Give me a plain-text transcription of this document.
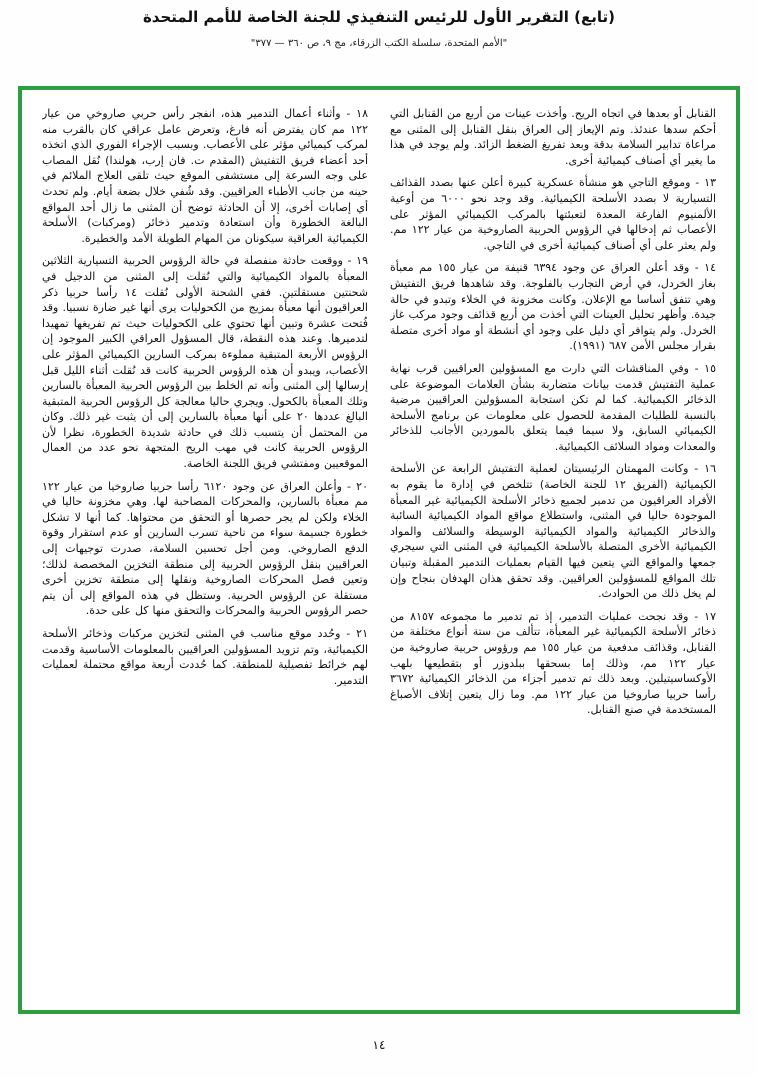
(تابع) التقرير الأول للرئيس التنفيذي للجنة الخاصة للأمم المتحدة
"الأمم المتحدة، سلسلة الكتب الزرقاء، مج ٩، ص ٣٦٠ — ٣٧٧"

القنابل أو بعدها في اتجاه الريح. وأخذت عينات من أربع من القنابل التي أحكم سدها عندئذ. وتم الإيعاز إلى العراق بنقل القنابل إلى المثنى مع مراعاة تدابير السلامة بدقة وبعد تفريغ الضغط الزائد. ولم يوجد في هذا ما يغير أي أصناف كيميائية أخرى.

١٣ - وموقع التاجي هو منشأة عسكرية كبيرة أعلن عنها بصدد القذائف التسيارية لا بصدد الأسلحة الكيميائية. وقد وجد نحو ٦٠٠٠ من أوعية الألمنيوم الفارغة المعدة لتعبئتها بالمركب الكيميائي المؤثر على الأعصاب ثم إدخالها في الرؤوس الحربية الصاروخية من عيار ١٢٢ مم. ولم يعثر على أي أصناف كيميائية أخرى في التاجي.

١٤ - وقد أعلن العراق عن وجود ٦٣٩٤ قنيفة من عيار ١٥٥ مم معبأة بغاز الخردل، في أرض التجارب بالفلوجة. وقد شاهدها فريق التفتيش وهي تتفق أساسا مع الإعلان. وكانت مخزونة في الخلاء وتبدو في حالة جيدة. وأظهر تحليل العينات التي أخذت من أربع قذائف وجود مركب غاز الخردل. ولم يتوافر أي دليل على وجود أي أنشطة أو مواد أخرى متصلة بقرار مجلس الأمن ٦٨٧ (١٩٩١).

١٥ - وفي المناقشات التي دارت مع المسؤولين العراقيين قرب نهاية عملية التفتيش قدمت بيانات متضاربة بشأن العلامات الموضوعة على الذخائر الكيميائية. كما لم تكن استجابة المسؤولين العراقيين مرضية بالنسبة للطلبات المقدمة للحصول على معلومات عن برنامج الأسلحة الكيميائي السابق، ولا سيما فيما يتعلق بالموردين الأجانب للذخائر والمعدات ومواد السلائف الكيميائية.

١٦ - وكانت المهمتان الرئيسيتان لعملية التفتيش الرابعة عن الأسلحة الكيميائية (الفريق ١٢ للجنة الخاصة) تتلخص في إدارة ما يقوم به الأفراد العراقيون من تدمير لجميع ذخائر الأسلحة الكيميائية غير المعبأة الموجودة حاليا في المثنى، واستطلاع مواقع المواد الكيميائية السائبة والذخائر الكيميائية والمواد الكيميائية الوسيطة والسلائف والمواد الكيميائية الأخرى المتصلة بالأسلحة الكيميائية في المثنى التي سيجري جمعها والمواقع التي يتعين فيها القيام بعمليات التدمير المقبلة وتبيان تلك المواقع للمسؤولين العراقيين. وقد تحقق هذان الهدفان بنجاح وإن لم يخل ذلك من الحوادث.

١٧ - وقد نجحت عمليات التدمير، إذ تم تدمير ما مجموعه ٨١٥٧ من ذخائر الأسلحة الكيميائية غير المعبأة، تتألف من ستة أنواع مختلفة من القنابل، وقذائف مدفعية من عيار ١٥٥ مم ورؤوس حربية صاروخية من عيار ١٢٢ مم، وذلك إما بسحقها ببلدوزر أو بتقطيعها بلهب الأوكساسيتيلين. وبعد ذلك تم تدمير أجزاء من الذخائر الكيميائية ٣٦٧٢ رأسا حربيا صاروخيا من عيار ١٢٢ مم. وما زال يتعين إتلاف الأصباغ المستخدمة في صنع القنابل.

١٨ - وأثناء أعمال التدمير هذه، انفجر رأس حربي صاروخي من عيار ١٢٢ مم كان يفترض أنه فارغ، وتعرض عامل عراقي كان بالقرب منه لمركب كيميائي مؤثر على الأعصاب. وبسبب الإجراء الفوري الذي اتخذه أحد أعضاء فريق التفتيش (المقدم ت. فان إرب، هولندا) نُقل المصاب على وجه السرعة إلى مستشفى الموقع حيث تلقى العلاج الملائم في حينه من جانب الأطباء العراقيين. وقد شُفي خلال بضعة أيام. ولم تحدث أي إصابات أخرى، إلا أن الحادثة توضح أن المثنى ما زال أحد المواقع البالغة الخطورة وأن استعادة وتدمير ذخائر (ومركبات) الأسلحة الكيميائية العراقية سيكونان من المهام الطويلة الأمد والخطيرة.

١٩ - ووقعت حادثة منفصلة في حالة الرؤوس الحربية التسيارية الثلاثين المعبأة بالمواد الكيميائية والتي نُقلت إلى المثنى من الدجيل في شحنتين مستقلتين. ففي الشحنة الأولى نُقلت ١٤ رأسا حربيا ذكر العراقيون أنها معبأة بمزيج من الكحوليات يرى أنها غير ضارة نسبيا. وقد فُتحت عشرة وتبين أنها تحتوي على الكحوليات حيث تم تفريغها تمهيدا لتدميرها. وعند هذه النقطة، قال المسؤول العراقي الكبير الموجود إن الرؤوس الأربعة المتبقية مملوءة بمركب السارين الكيميائي المؤثر على الأعصاب، ويبدو أن هذه الرؤوس الحربية كانت قد نُقلت أثناء الليل قبل إرسالها إلى المثنى وأنه تم الخلط بين الرؤوس الحربية المعبأة بالسارين وتلك المعبأة بالكحول. ويجري حاليا معالجة كل الرؤوس الحربية المتبقية البالغ عددها ٢٠ على أنها معبأة بالسارين إلى أن يثبت غير ذلك. وكان من المحتمل أن يتسبب ذلك في حادثة شديدة الخطورة، نظرا لأن الرؤوس الحربية كانت في مهب الريح المتجهة نحو عدد من العمال الموقعيين ومفتشي فريق اللجنة الخاصة.

٢٠ - وأعلن العراق عن وجود ٦١٢٠ رأسا حربيا صاروخيا من عيار ١٢٢ مم معبأة بالسارين، والمحركات المصاحبة لها. وهي مخزونة حاليا في الخلاء ولكن لم يجر حصرها أو التحقق من محتواها. كما أنها لا تشكل خطورة جسيمة سواء من ناحية تسرب السارين أو عدم استقرار وقوة الدفع الصاروخي. ومن أجل تحسين السلامة، صدرت توجيهات إلى العراقيين بنقل الرؤوس الحربية إلى منطقة التخزين المخصصة لذلك؛ وتعين فصل المحركات الصاروخية ونقلها إلى منطقة تخزين أخرى مستقلة عن الرؤوس الحربية. وستظل في هذه المواقع إلى أن يتم حصر الرؤوس الحربية والمحركات والتحقق منها كل على حدة.

٢١ - وحُدد موقع مناسب في المثنى لتخزين مركبات وذخائر الأسلحة الكيميائية، وتم تزويد المسؤولين العراقيين بالمعلومات الأساسية وقدمت لهم خرائط تفصيلية للمنطقة. كما حُددت أربعة مواقع محتملة لعمليات التدمير.

١٤
